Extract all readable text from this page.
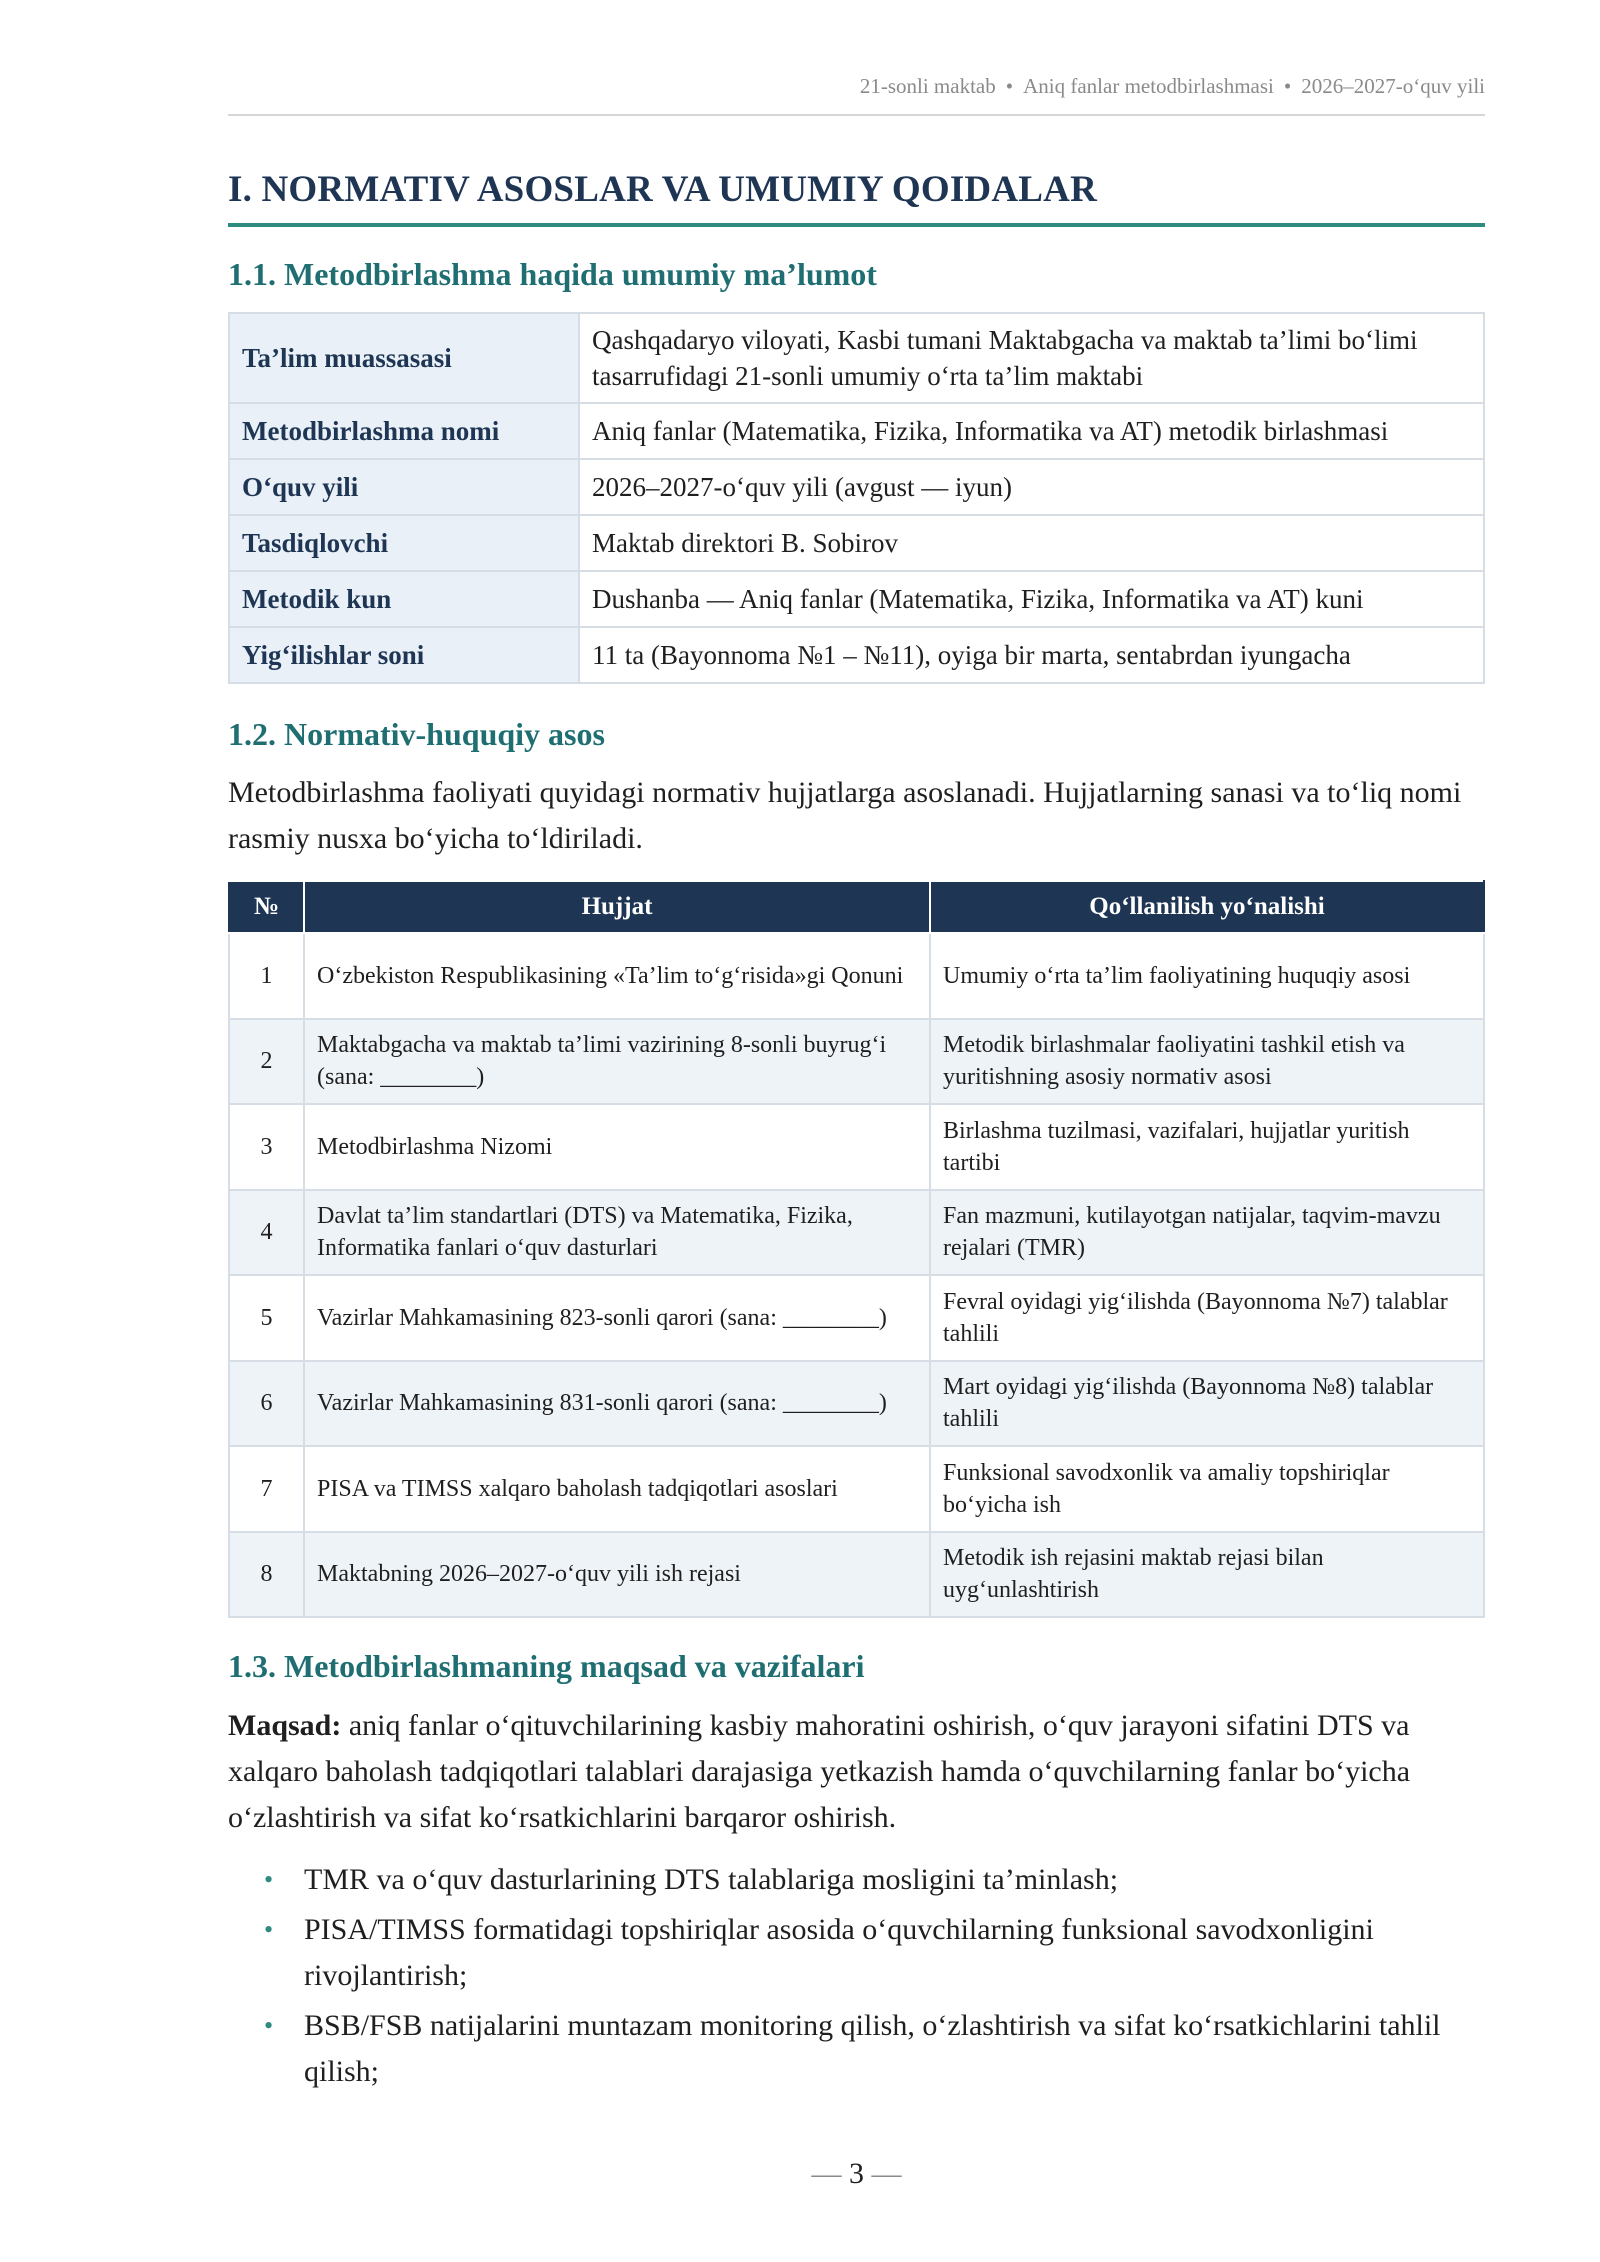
21-sonli maktab • Aniq fanlar metodbirlashmasi • 2026–2027-o‘quv yili
I. NORMATIV ASOSLAR VA UMUMIY QOIDALAR
1.1. Metodbirlashma haqida umumiy ma’lumot
Ta’lim muassasasi	Qashqadaryo viloyati, Kasbi tumani Maktabgacha va maktab ta’limi bo‘limi tasarrufidagi 21-sonli umumiy o‘rta ta’lim maktabi
Metodbirlashma nomi	Aniq fanlar (Matematika, Fizika, Informatika va AT) metodik birlashmasi
O‘quv yili	2026–2027-o‘quv yili (avgust — iyun)
Tasdiqlovchi	Maktab direktori B. Sobirov
Metodik kun	Dushanba — Aniq fanlar (Matematika, Fizika, Informatika va AT) kuni
Yig‘ilishlar soni	11 ta (Bayonnoma №1 – №11), oyiga bir marta, sentabrdan iyungacha
1.2. Normativ-huquqiy asos

Metodbirlashma faoliyati quyidagi normativ hujjatlarga asoslanadi. Hujjatlarning sanasi va to‘liq nomi rasmiy nusxa bo‘yicha to‘ldiriladi.

№	Hujjat	Qo‘llanilish yo‘nalishi
1	O‘zbekiston Respublikasining «Ta’lim to‘g‘risida»gi Qonuni	Umumiy o‘rta ta’lim faoliyatining huquqiy asosi
2	Maktabgacha va maktab ta’limi vazirining 8-sonli buyrug‘i (sana: ________)	Metodik birlashmalar faoliyatini tashkil etish va yuritishning asosiy normativ asosi
3	Metodbirlashma Nizomi	Birlashma tuzilmasi, vazifalari, hujjatlar yuritish tartibi
4	Davlat ta’lim standartlari (DTS) va Matematika, Fizika, Informatika fanlari o‘quv dasturlari	Fan mazmuni, kutilayotgan natijalar, taqvim-mavzu rejalari (TMR)
5	Vazirlar Mahkamasining 823-sonli qarori (sana: ________)	Fevral oyidagi yig‘ilishda (Bayonnoma №7) talablar tahlili
6	Vazirlar Mahkamasining 831-sonli qarori (sana: ________)	Mart oyidagi yig‘ilishda (Bayonnoma №8) talablar tahlili
7	PISA va TIMSS xalqaro baholash tadqiqotlari asoslari	Funksional savodxonlik va amaliy topshiriqlar bo‘yicha ish
8	Maktabning 2026–2027-o‘quv yili ish rejasi	Metodik ish rejasini maktab rejasi bilan uyg‘unlashtirish
1.3. Metodbirlashmaning maqsad va vazifalari

Maqsad: aniq fanlar o‘qituvchilarining kasbiy mahoratini oshirish, o‘quv jarayoni sifatini DTS va xalqaro baholash tadqiqotlari talablari darajasiga yetkazish hamda o‘quvchilarning fanlar bo‘yicha o‘zlashtirish va sifat ko‘rsatkichlarini barqaror oshirish.

• TMR va o‘quv dasturlarining DTS talablariga mosligini ta’minlash;
• PISA/TIMSS formatidagi topshiriqlar asosida o‘quvchilarning funksional savodxonligini rivojlantirish;
• BSB/FSB natijalarini muntazam monitoring qilish, o‘zlashtirish va sifat ko‘rsatkichlarini tahlil qilish;
— 3 —
